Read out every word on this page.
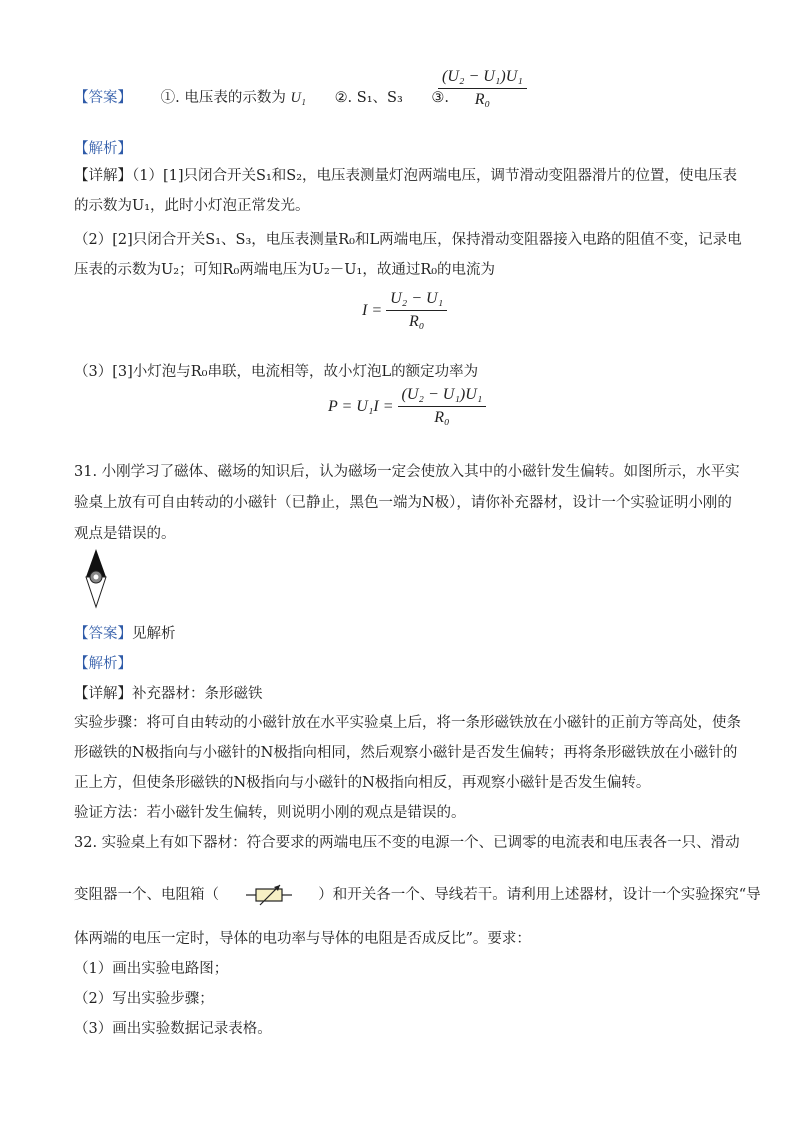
【答案】 ①. 电压表的示数为 U₁ ②. S₁、S₃ ③.
$\frac{\text{(U₂ − U₁)U₁}}{\text{R₀}}$
【解析】
【详解】（1）[1]只闭合开关S₁和S₂，电压表测量灯泡两端电压，调节滑动变阻器滑片的位置，使电压表
的示数为U₁，此时小灯泡正常发光。
（2）[2]只闭合开关S₁、S₃，电压表测量R₀和L两端电压，保持滑动变阻器接入电路的阻值不变，记录电
压表的示数为U₂；可知R₀两端电压为U₂－U₁，故通过R₀的电流为
$I = \frac{\text{U₂ − U₁}}{\text{R₀}}$
（3）[3]小灯泡与R₀串联，电流相等，故小灯泡L的额定功率为
$P = U_1I = \frac{\text{(U₂ − U₁)U₁}}{\text{R₀}}$
31. 小刚学习了磁体、磁场的知识后，认为磁场一定会使放入其中的小磁针发生偏转。如图所示，水平实
验桌上放有可自由转动的小磁针（已静止，黑色一端为N极），请你补充器材，设计一个实验证明小刚的
观点是错误的。
【答案】见解析
【解析】
【详解】补充器材：条形磁铁
实验步骤：将可自由转动的小磁针放在水平实验桌上后，将一条形磁铁放在小磁针的正前方等高处，使条
形磁铁的N极指向与小磁针的N极指向相同，然后观察小磁针是否发生偏转；再将条形磁铁放在小磁针的
正上方，但使条形磁铁的N极指向与小磁针的N极指向相反，再观察小磁针是否发生偏转。
验证方法：若小磁针发生偏转，则说明小刚的观点是错误的。
32. 实验桌上有如下器材：符合要求的两端电压不变的电源一个、已调零的电流表和电压表各一只、滑动
变阻器一个、电阻箱（	）和开关各一个、导线若干。请利用上述器材，设计一个实验探究“导
体两端的电压一定时，导体的电功率与导体的电阻是否成反比”。要求：
（1）画出实验电路图；
（2）写出实验步骤；
（3）画出实验数据记录表格。
